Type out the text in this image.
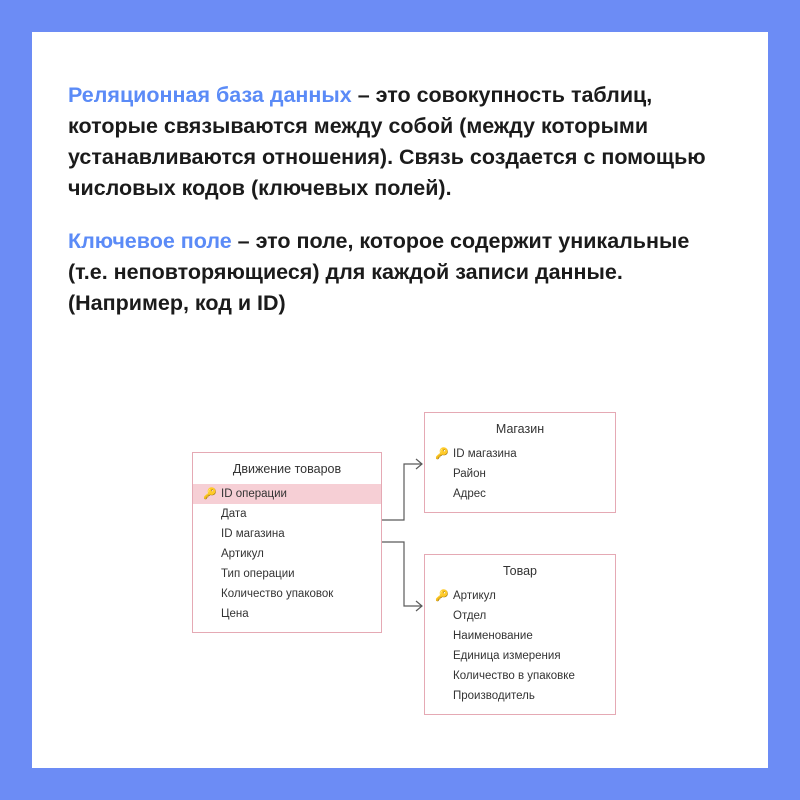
Реляционная база данных – это совокупность таблиц, которые связываются между собой (между которыми устанавливаются отношения). Связь создается с помощью числовых кодов (ключевых полей).

Ключевое поле – это поле, которое содержит уникальные (т.е. неповторяющиеся) для каждой записи данные. (Например, код и ID)

Движение товаров
🔑 ID операции
Дата
ID магазина
Артикул
Тип операции
Количество упаковок
Цена
Магазин
🔑 ID магазина
Район
Адрес
Товар
🔑 Артикул
Отдел
Наименование
Единица измерения
Количество в упаковке
Производитель
